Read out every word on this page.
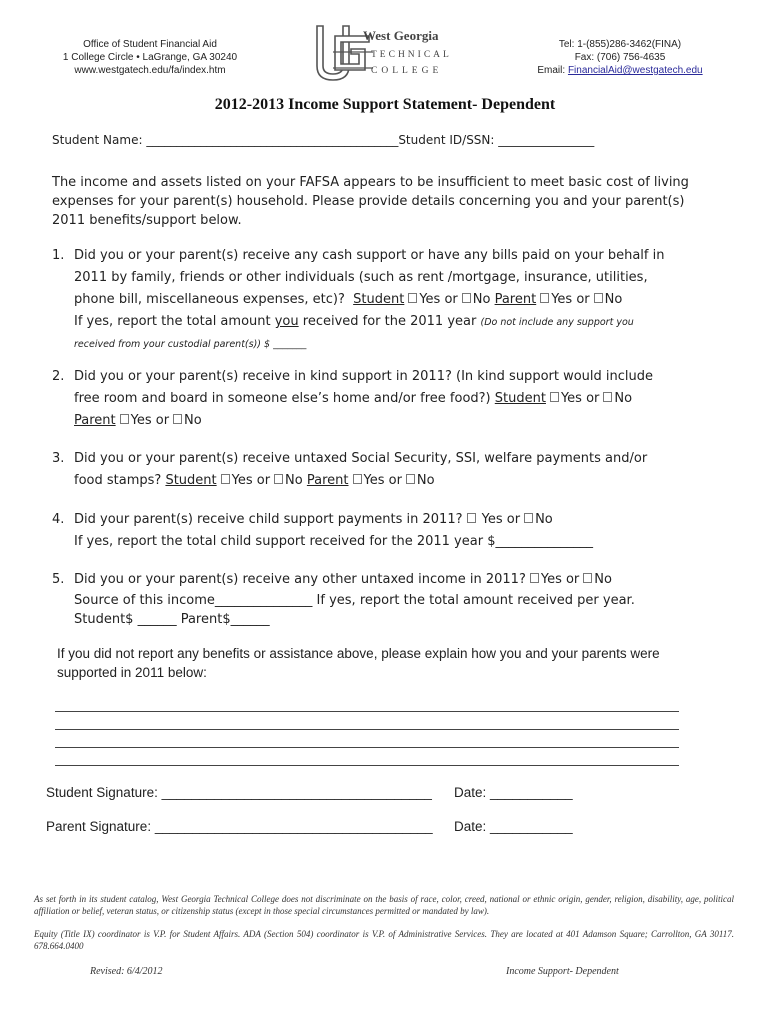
Office of Student Financial Aid
1 College Circle • LaGrange, GA 30240
www.westgatech.edu/fa/index.htm
West Georgia
TECHNICAL
COLLEGE
Tel: 1-(855)286-3462(FINA)
Fax: (706) 756-4635
Email: FinancialAid@westgatech.edu
2012-2013 Income Support Statement- Dependent
Student Name: __________________________________________Student ID/SSN: ________________
The income and assets listed on your FAFSA appears to be insufficient to meet basic cost of living expenses for your parent(s) household. Please provide details concerning you and your parent(s) 2011 benefits/support below.
1. Did you or your parent(s) receive any cash support or have any bills paid on your behalf in
2011 by family, friends or other individuals (such as rent /mortgage, insurance, utilities,
phone bill, miscellaneous expenses, etc)? Student Yes or No Parent Yes or No
If yes, report the total amount you received for the 2011 year (Do not include any support you
received from your custodial parent(s)) $ _______
2. Did you or your parent(s) receive in kind support in 2011? (In kind support would include
free room and board in someone else’s home and/or free food?) Student Yes or No
Parent Yes or No
3. Did you or your parent(s) receive untaxed Social Security, SSI, welfare payments and/or
food stamps? Student Yes or No Parent Yes or No
4. Did your parent(s) receive child support payments in 2011? Yes or No
If yes, report the total child support received for the 2011 year $_______________
5. Did you or your parent(s) receive any other untaxed income in 2011? Yes or No
Source of this income_______________ If yes, report the total amount received per year.
Student$ ______ Parent$______
If you did not report any benefits or assistance above, please explain how you and your parents were supported in 2011 below:
Student Signature: ____________________________________ Date: ___________
Parent Signature: _____________________________________ Date: ___________
As set forth in its student catalog, West Georgia Technical College does not discriminate on the basis of race, color, creed, national or ethnic origin, gender, religion, disability, age, political affiliation or belief, veteran status, or citizenship status (except in those special circumstances permitted or mandated by law).
Equity (Title IX) coordinator is V.P. for Student Affairs. ADA (Section 504) coordinator is V.P. of Administrative Services. They are located at 401 Adamson Square; Carrollton, GA 30117. 678.664.0400
Revised: 6/4/2012	Income Support- Dependent
